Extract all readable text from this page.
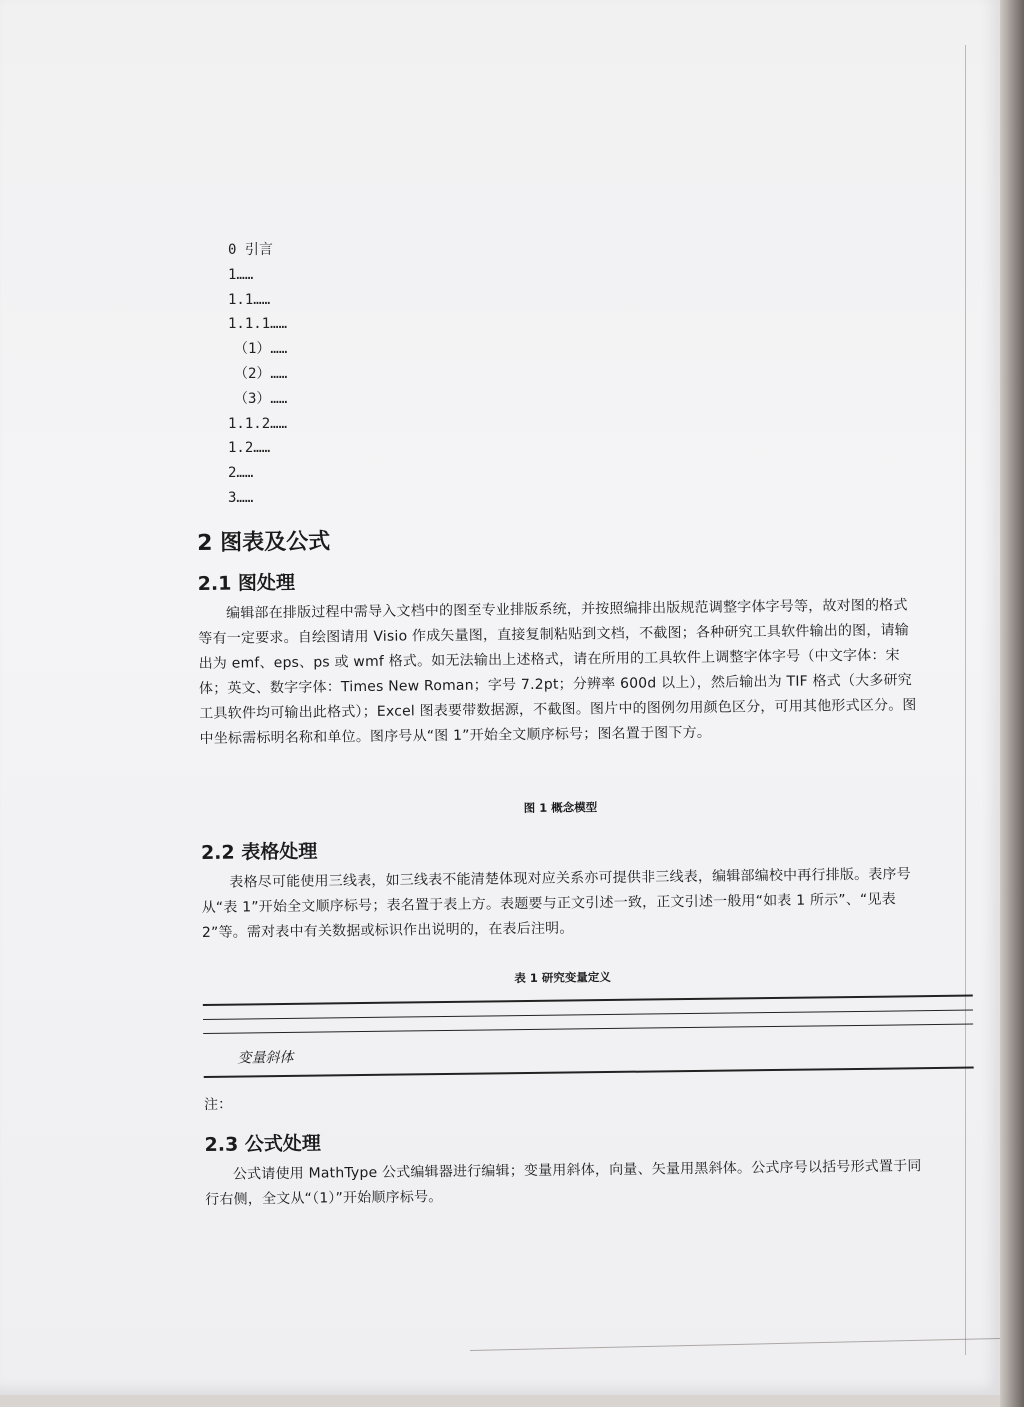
0 引言
1……
1.1……
1.1.1……
（1）……
（2）……
（3）……
1.1.2……
1.2……
2……
3……
2 图表及公式
2.1 图处理

编辑部在排版过程中需导入文档中的图至专业排版系统，并按照编排出版规范调整字体字号等，故对图的格式等有一定要求。自绘图请用 Visio 作成矢量图，直接复制粘贴到文档，不截图；各种研究工具软件输出的图，请输出为 emf、eps、ps 或 wmf 格式。如无法输出上述格式，请在所用的工具软件上调整字体字号（中文字体：宋体；英文、数字字体：Times New Roman；字号 7.2pt；分辨率 600d 以上），然后输出为 TIF 格式（大多研究工具软件均可输出此格式）；Excel 图表要带数据源，不截图。图片中的图例勿用颜色区分，可用其他形式区分。图中坐标需标明名称和单位。图序号从“图 1”开始全文顺序标号；图名置于图下方。

图 1 概念模型
2.2 表格处理

表格尽可能使用三线表，如三线表不能清楚体现对应关系亦可提供非三线表，编辑部编校中再行排版。表序号从“表 1”开始全文顺序标号；表名置于表上方。表题要与正文引述一致，正文引述一般用“如表 1 所示”、“见表 2”等。需对表中有关数据或标识作出说明的，在表后注明。

表 1 研究变量定义
变量斜体
注：
2.3 公式处理

公式请使用 MathType 公式编辑器进行编辑；变量用斜体，向量、矢量用黑斜体。公式序号以括号形式置于同行右侧，全文从“（1）”开始顺序标号。
